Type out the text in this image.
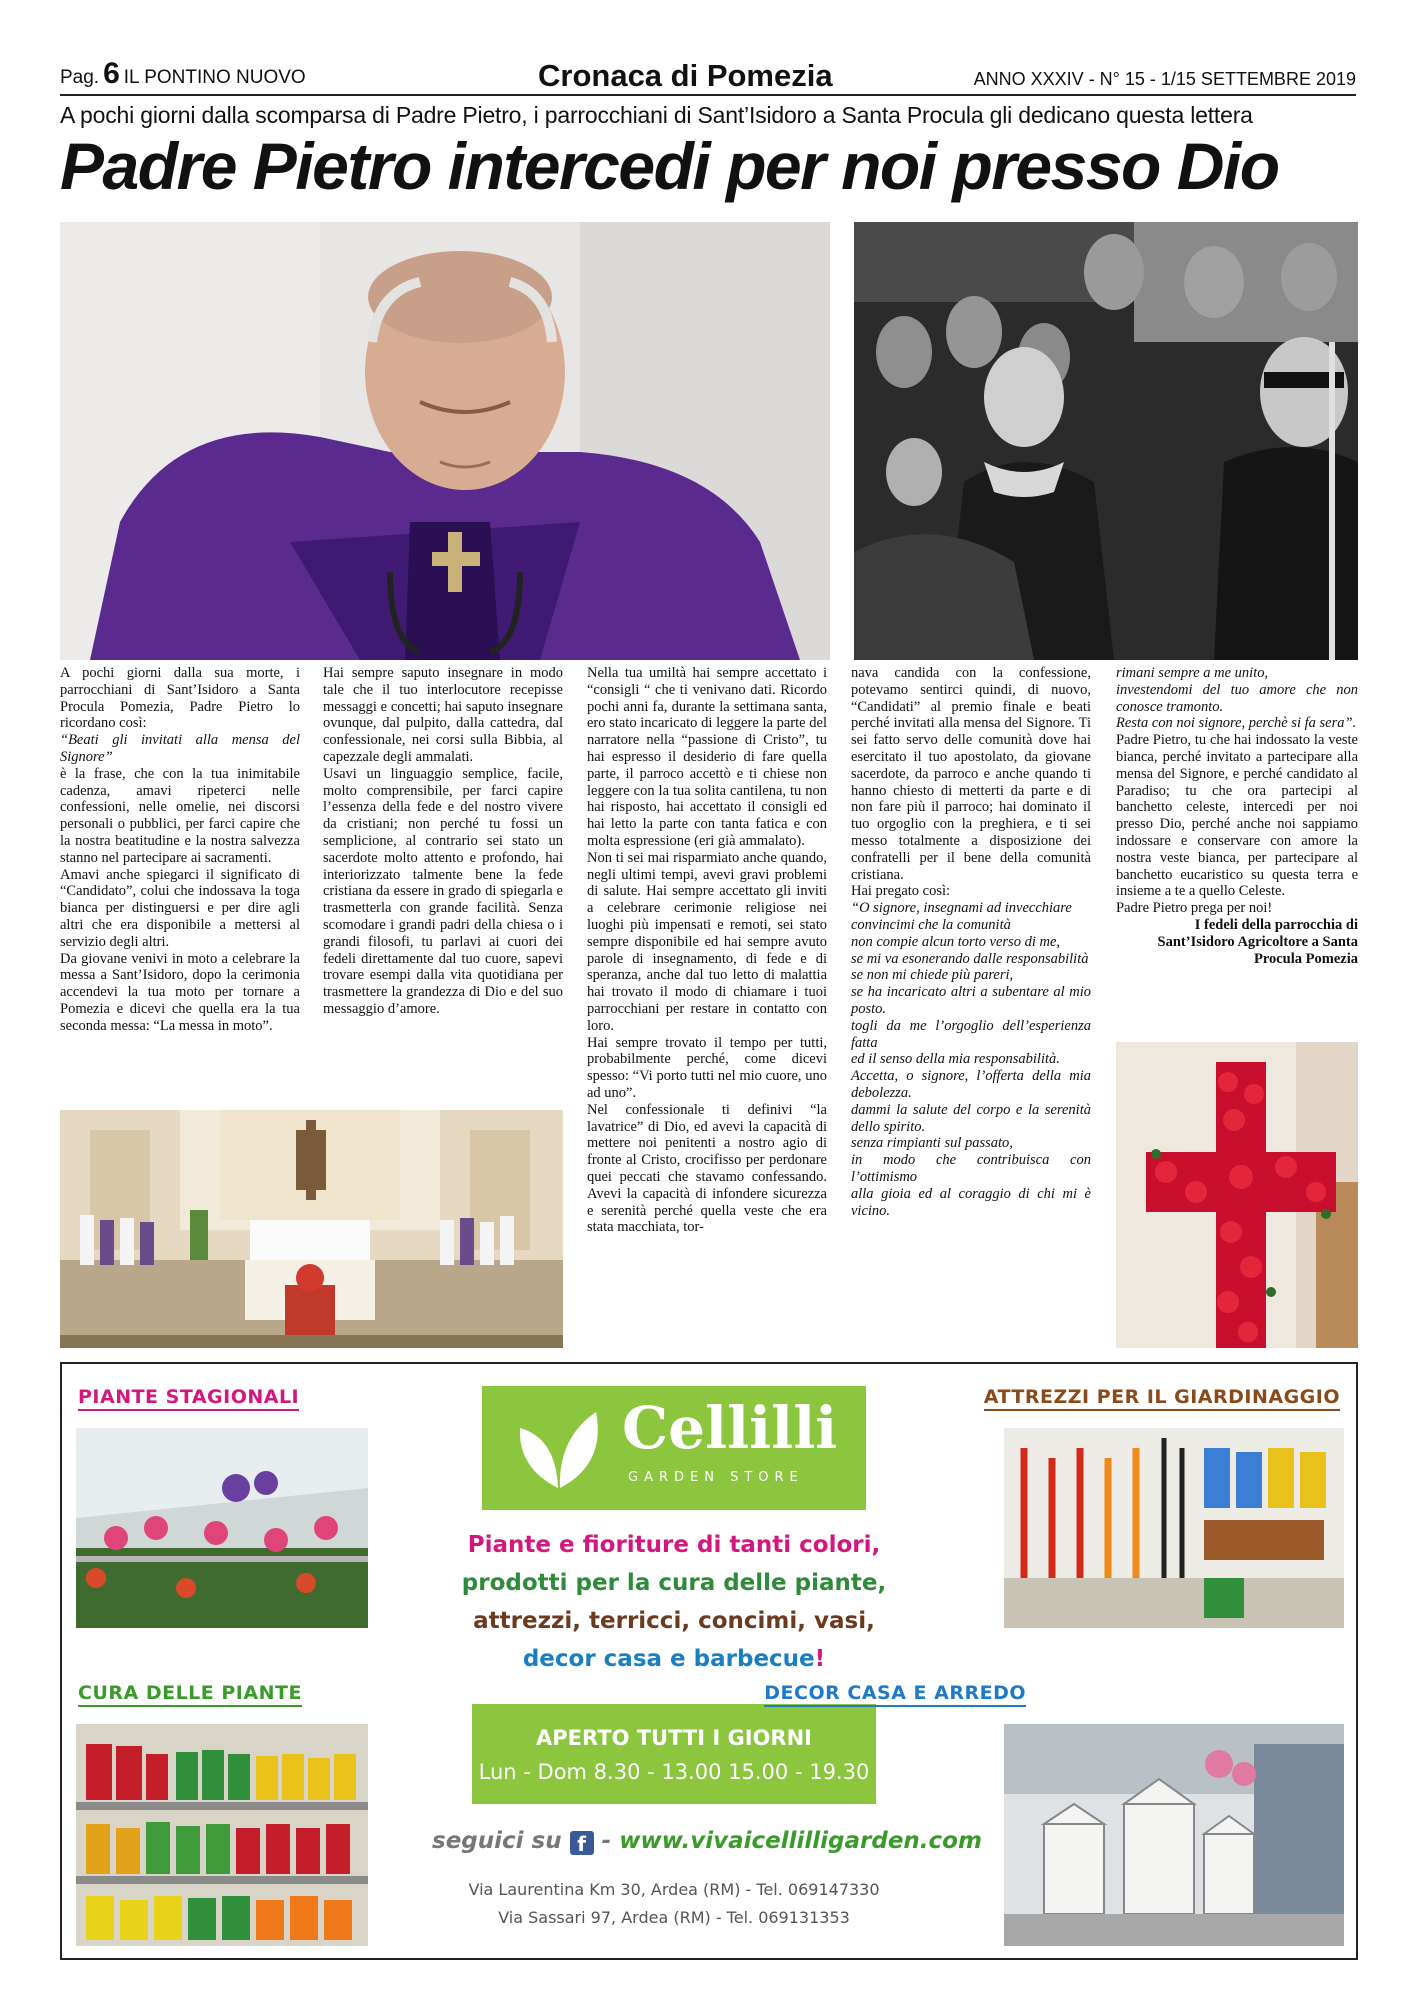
Pag. 6 IL PONTINO NUOVO	Cronaca di Pomezia	ANNO XXXIV - N° 15 - 1/15 SETTEMBRE 2019
A pochi giorni dalla scomparsa di Padre Pietro, i parrocchiani di Sant’Isidoro a Santa Procula gli dedicano questa lettera
Padre Pietro intercedi per noi presso Dio

A pochi giorni dalla sua morte, i parrocchiani di Sant’Isidoro a Santa Procula Pomezia, Padre Pietro lo ricordano così:

“Beati gli invitati alla mensa del Signore”

è la frase, che con la tua inimitabile cadenza, amavi ripeterci nelle confessioni, nelle omelie, nei discorsi personali o pubblici, per farci capire che la nostra beatitudine e la nostra salvezza stanno nel partecipare ai sacramenti.

Amavi anche spiegarci il significato di “Candidato”, colui che indossava la toga bianca per distinguersi e per dire agli altri che era disponibile a mettersi al servizio degli altri.

Da giovane venivi in moto a celebrare la messa a Sant’Isidoro, dopo la cerimonia accendevi la tua moto per tornare a Pomezia e dicevi che quella era la tua seconda messa: “La messa in moto”.

Hai sempre saputo insegnare in modo tale che il tuo interlocutore recepisse messaggi e concetti; hai saputo insegnare ovunque, dal pulpito, dalla cattedra, dal confessionale, nei corsi sulla Bibbia, al capezzale degli ammalati.

Usavi un linguaggio semplice, facile, molto comprensibile, per farci capire l’essenza della fede e del nostro vivere da cristiani; non perché tu fossi un semplicione, al contrario sei stato un sacerdote molto attento e profondo, hai interiorizzato talmente bene la fede cristiana da essere in grado di spiegarla e trasmetterla con grande facilità. Senza scomodare i grandi padri della chiesa o i grandi filosofi, tu parlavi ai cuori dei fedeli direttamente dal tuo cuore, sapevi trovare esempi dalla vita quotidiana per trasmettere la grandezza di Dio e del suo messaggio d’amore.

Nella tua umiltà hai sempre accettato i “consigli “ che ti venivano dati. Ricordo pochi anni fa, durante la settimana santa, ero stato incaricato di leggere la parte del narratore nella “passione di Cristo”, tu hai espresso il desiderio di fare quella parte, il parroco accettò e ti chiese non leggere con la tua solita cantilena, tu non hai risposto, hai accettato il consigli ed hai letto la parte con tanta fatica e con molta espressione (eri già ammalato).

Non ti sei mai risparmiato anche quando, negli ultimi tempi, avevi gravi problemi di salute. Hai sempre accettato gli inviti a celebrare cerimonie religiose nei luoghi più impensati e remoti, sei stato sempre disponibile ed hai sempre avuto parole di insegnamento, di fede e di speranza, anche dal tuo letto di malattia hai trovato il modo di chiamare i tuoi parrocchiani per restare in contatto con loro.

Hai sempre trovato il tempo per tutti, probabilmente perché, come dicevi spesso: “Vi porto tutti nel mio cuore, uno ad uno”.

Nel confessionale ti definivi “la lavatrice” di Dio, ed avevi la capacità di mettere noi penitenti a nostro agio di fronte al Cristo, crocifisso per perdonare quei peccati che stavamo confessando. Avevi la capacità di infondere sicurezza e serenità perché quella veste che era stata macchiata, tor-

nava candida con la confessione, potevamo sentirci quindi, di nuovo, “Candidati” al premio finale e beati perché invitati alla mensa del Signore. Ti sei fatto servo delle comunità dove hai esercitato il tuo apostolato, da giovane sacerdote, da parroco e anche quando ti hanno chiesto di metterti da parte e di non fare più il parroco; hai dominato il tuo orgoglio con la preghiera, e ti sei messo totalmente a disposizione dei confratelli per il bene della comunità cristiana.

Hai pregato così:

“O signore, insegnami ad invecchiare

convincimi che la comunità

non compie alcun torto verso di me,

se mi va esonerando dalle responsabilità

se non mi chiede più pareri,

se ha incaricato altri a subentare al mio posto.

togli da me l’orgoglio dell’esperienza fatta

ed il senso della mia responsabilità.

Accetta, o signore, l’offerta della mia debolezza.

dammi la salute del corpo e la serenità dello spirito.

senza rimpianti sul passato,

in modo che contribuisca con l’ottimismo

alla gioia ed al coraggio di chi mi è vicino.

rimani sempre a me unito,

investendomi del tuo amore che non conosce tramonto.

Resta con noi signore, perchè si fa sera”.

Padre Pietro, tu che hai indossato la veste bianca, perché invitato a partecipare alla mensa del Signore, e perché candidato al Paradiso; tu che ora partecipi al banchetto celeste, intercedi per noi presso Dio, perché anche noi sappiamo indossare e conservare con amore la nostra veste bianca, per partecipare al banchetto eucaristico su questa terra e insieme a te a quello Celeste.

Padre Pietro prega per noi!

I fedeli della parrocchia di Sant’Isidoro Agricoltore a Santa Procula Pomezia

PIANTE STAGIONALI
CURA DELLE PIANTE
Cellilli
GARDEN STORE
Piante e fioriture di tanti colori,
prodotti per la cura delle piante,
attrezzi, terricci, concimi, vasi,
decor casa e barbecue!
APERTO TUTTI I GIORNI
Lun - Dom 8.30 - 13.00 15.00 - 19.30
seguici su f - www.vivaicellilligarden.com
Via Laurentina Km 30, Ardea (RM) - Tel. 069147330
Via Sassari 97, Ardea (RM) - Tel. 069131353
ATTREZZI PER IL GIARDINAGGIO
DECOR CASA E ARREDO
